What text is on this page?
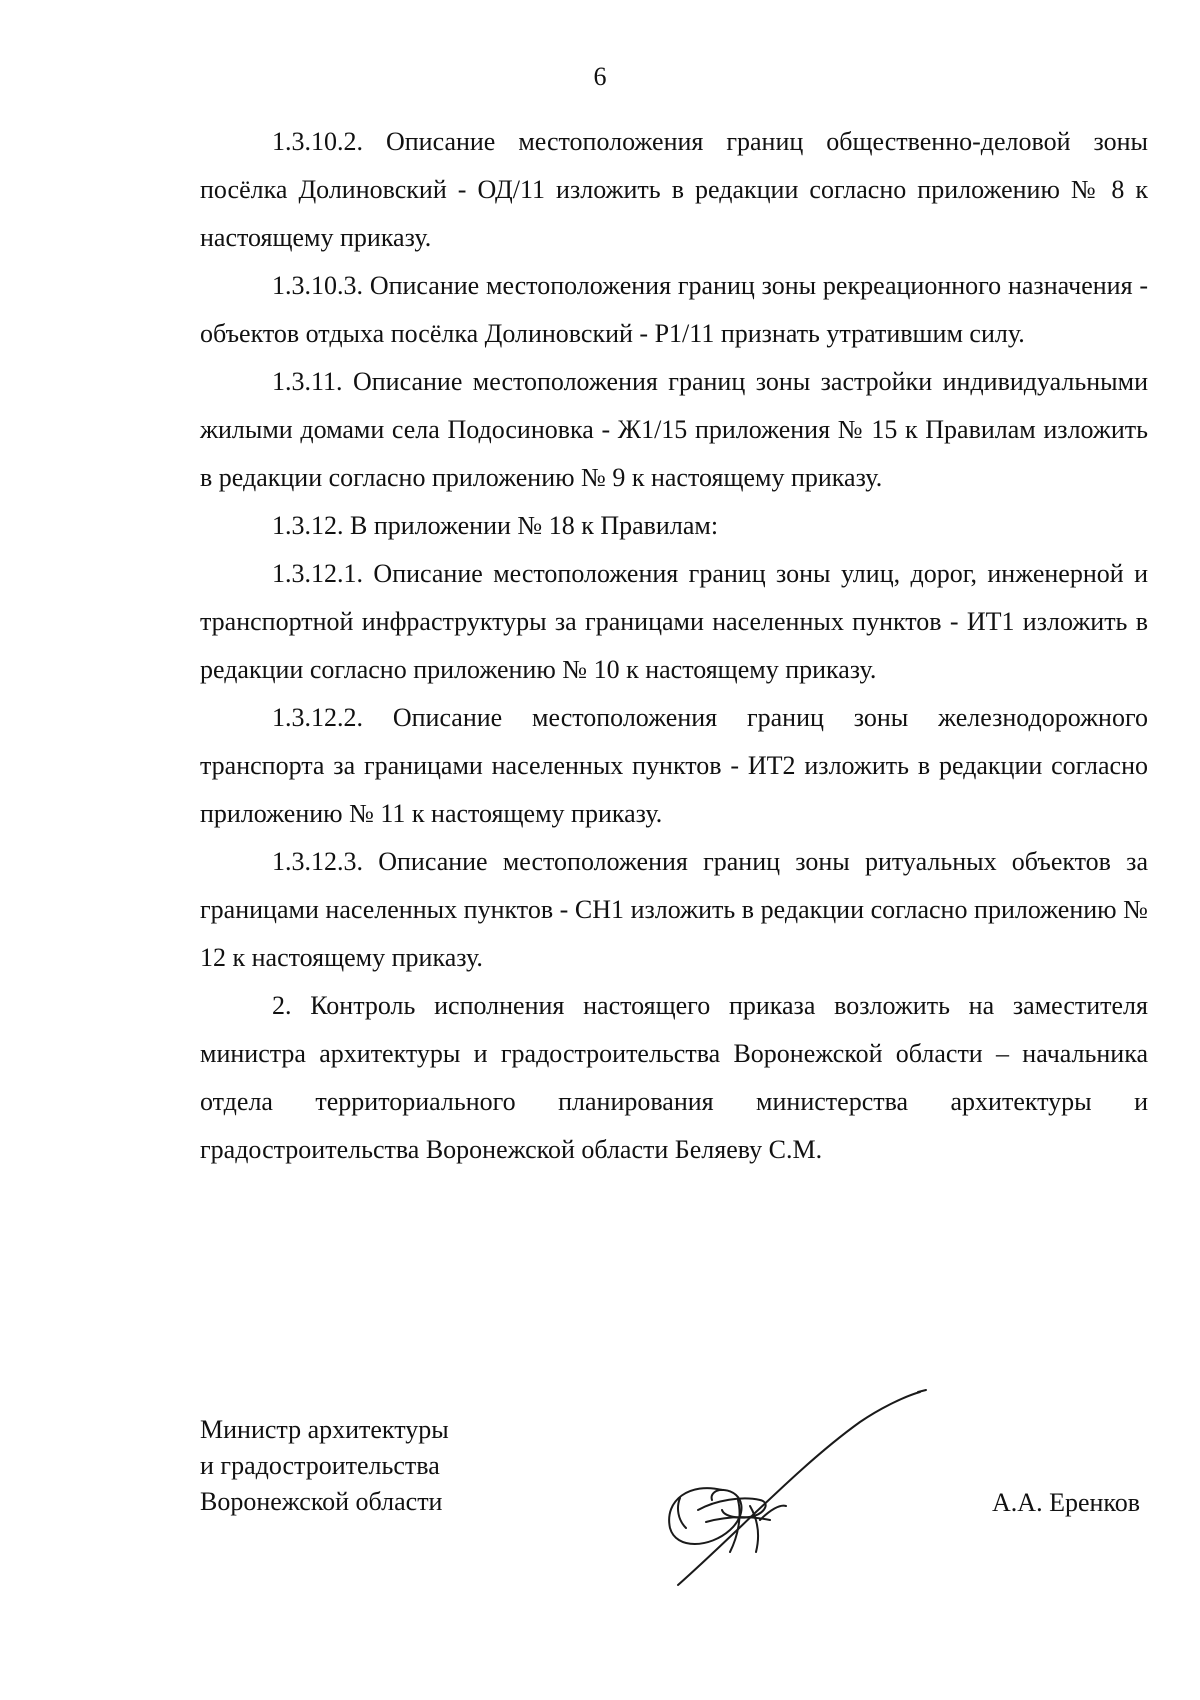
6

1.3.10.2. Описание местоположения границ общественно-деловой зоны посёлка Долиновский - ОД/11 изложить в редакции согласно приложению № 8 к настоящему приказу.

1.3.10.3. Описание местоположения границ зоны рекреационного назначения - объектов отдыха посёлка Долиновский - Р1/11 признать утратившим силу.

1.3.11. Описание местоположения границ зоны застройки индивидуальными жилыми домами села Подосиновка - Ж1/15 приложения № 15 к Правилам изложить в редакции согласно приложению № 9 к настоящему приказу.

1.3.12. В приложении № 18 к Правилам:

1.3.12.1. Описание местоположения границ зоны улиц, дорог, инженерной и транспортной инфраструктуры за границами населенных пунктов - ИТ1 изложить в редакции согласно приложению № 10 к настоящему приказу.

1.3.12.2. Описание местоположения границ зоны железнодорожного транспорта за границами населенных пунктов - ИТ2 изложить в редакции согласно приложению № 11 к настоящему приказу.

1.3.12.3. Описание местоположения границ зоны ритуальных объектов за границами населенных пунктов - СН1 изложить в редакции согласно приложению № 12 к настоящему приказу.

2. Контроль исполнения настоящего приказа возложить на заместителя министра архитектуры и градостроительства Воронежской области – начальника отдела территориального планирования министерства архитектуры и градостроительства Воронежской области Беляеву С.М.

Министр архитектуры
и градостроительства
Воронежской области	А.А. Еренков
